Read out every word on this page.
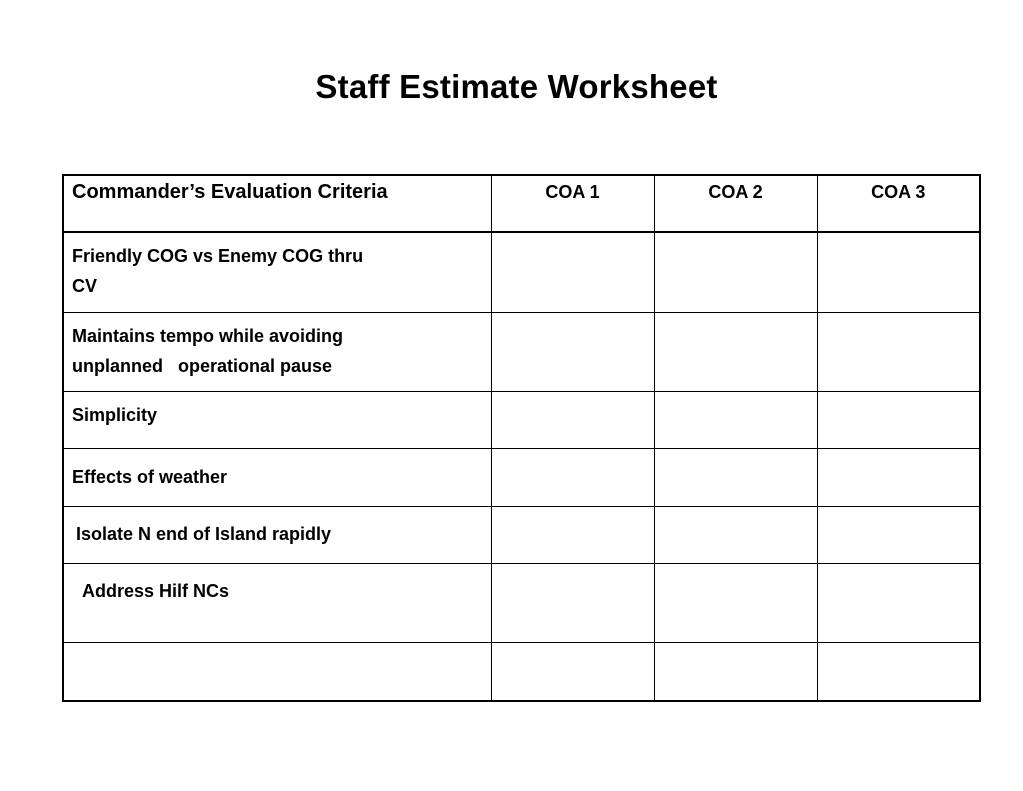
Staff Estimate Worksheet
Commander’s Evaluation Criteria	COA 1	COA 2	COA 3

Friendly COG vs Enemy COG thru
CV			

Maintains tempo while avoiding
unplanned   operational pause			

Simplicity			

Effects of weather			

Isolate N end of Island rapidly			

Address Hilf NCs			
